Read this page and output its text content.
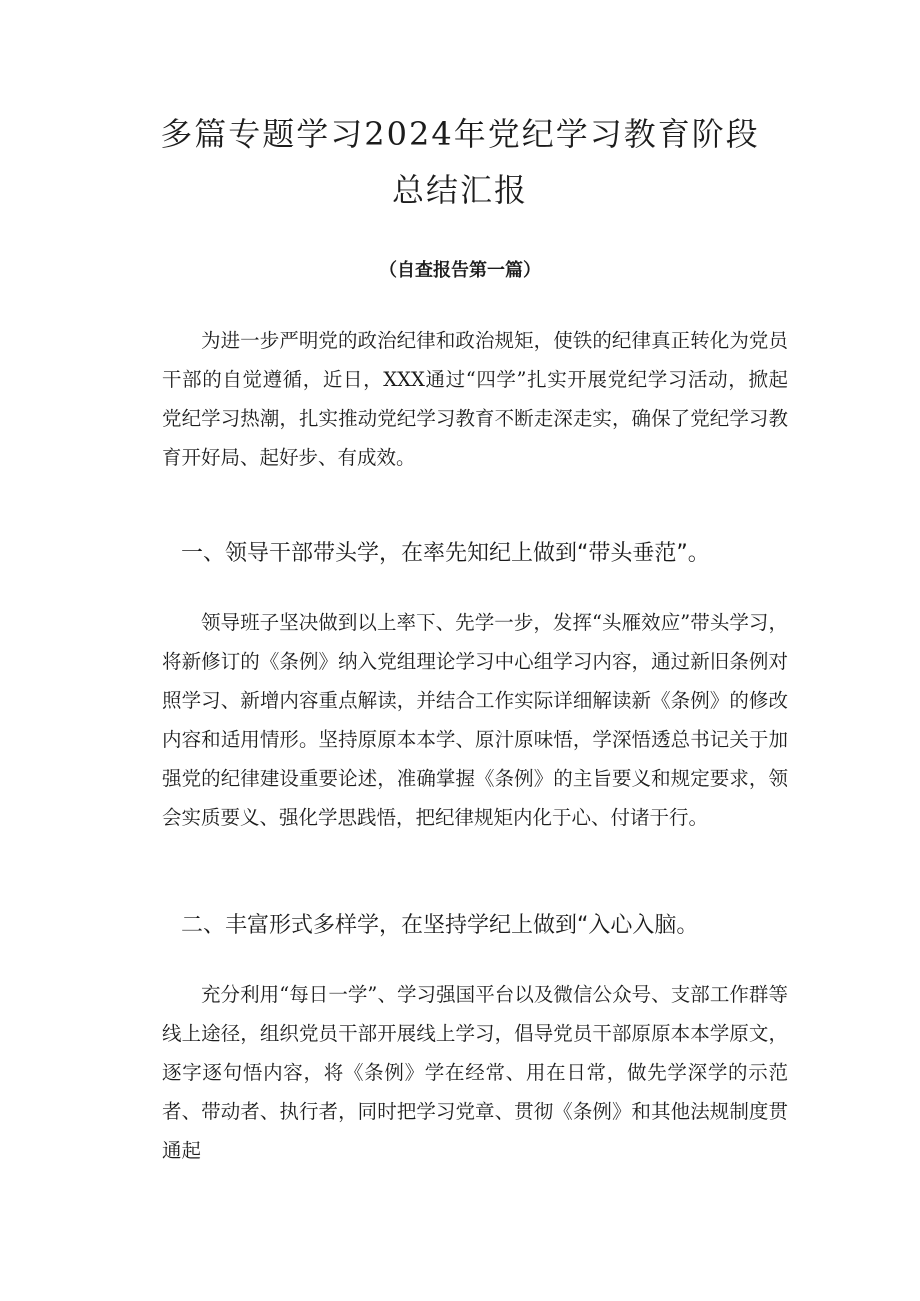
多篇专题学习2024年党纪学习教育阶段总结汇报
（自查报告第一篇）

为进一步严明党的政治纪律和政治规矩，使铁的纪律真正转化为党员干部的自觉遵循，近日，XXX通过“四学”扎实开展党纪学习活动，掀起党纪学习热潮，扎实推动党纪学习教育不断走深走实，确保了党纪学习教育开好局、起好步、有成效。

一、领导干部带头学，在率先知纪上做到“带头垂范”。

领导班子坚决做到以上率下、先学一步，发挥“头雁效应”带头学习，将新修订的《条例》纳入党组理论学习中心组学习内容，通过新旧条例对照学习、新增内容重点解读，并结合工作实际详细解读新《条例》的修改内容和适用情形。坚持原原本本学、原汁原味悟，学深悟透总书记关于加强党的纪律建设重要论述，准确掌握《条例》的主旨要义和规定要求，领会实质要义、强化学思践悟，把纪律规矩内化于心、付诸于行。

二、丰富形式多样学，在坚持学纪上做到“入心入脑。

充分利用“每日一学”、学习强国平台以及微信公众号、支部工作群等线上途径，组织党员干部开展线上学习，倡导党员干部原原本本学原文，逐字逐句悟内容，将《条例》学在经常、用在日常，做先学深学的示范者、带动者、执行者，同时把学习党章、贯彻《条例》和其他法规制度贯通起
